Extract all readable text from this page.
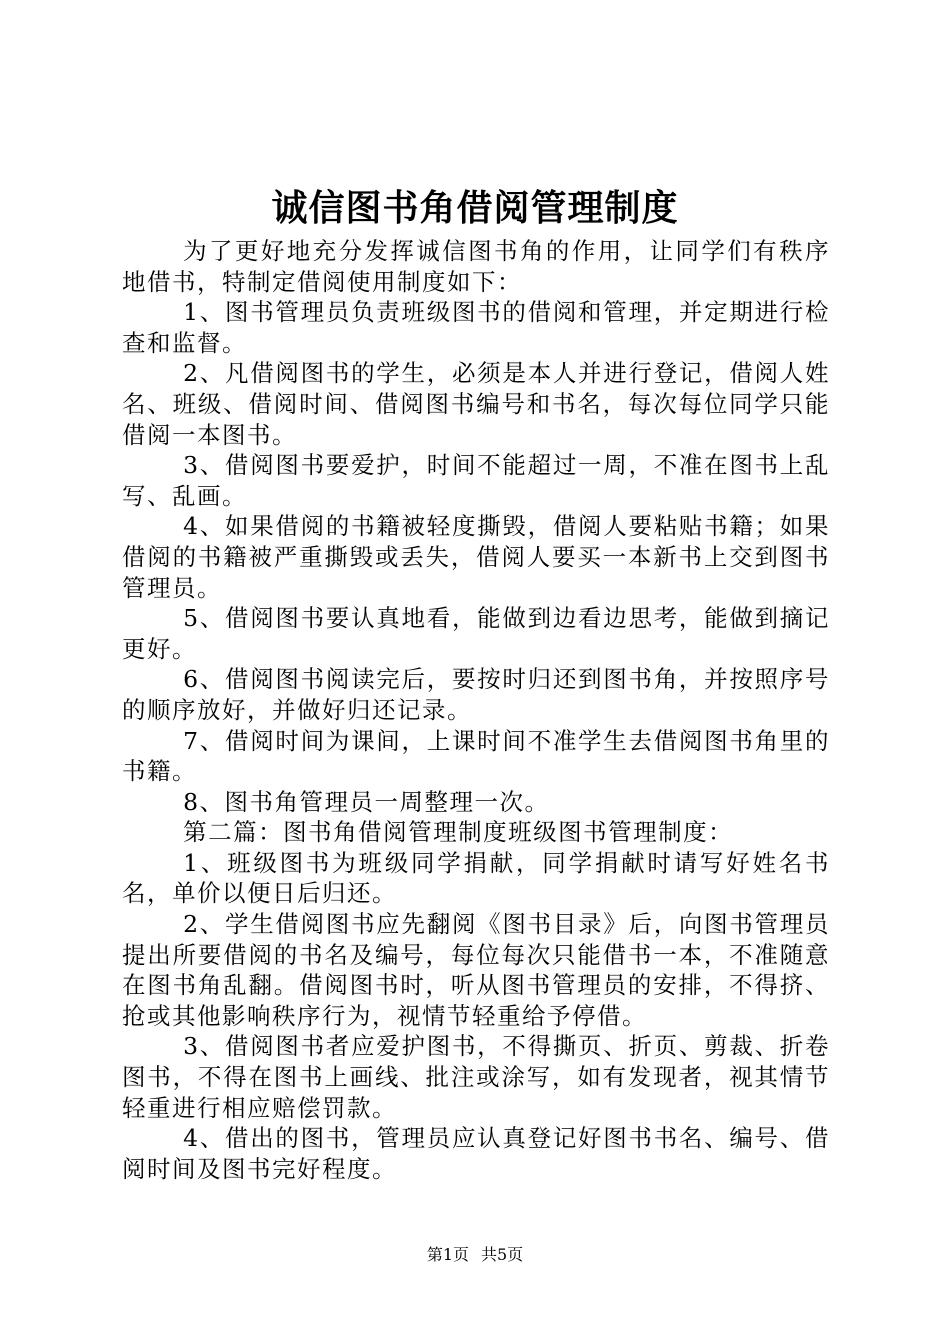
诚信图书角借阅管理制度

为了更好地充分发挥诚信图书角的作用，让同学们有秩序地借书，特制定借阅使用制度如下：

1、图书管理员负责班级图书的借阅和管理，并定期进行检查和监督。

2、凡借阅图书的学生，必须是本人并进行登记，借阅人姓名、班级、借阅时间、借阅图书编号和书名，每次每位同学只能借阅一本图书。

3、借阅图书要爱护，时间不能超过一周，不准在图书上乱写、乱画。

4、如果借阅的书籍被轻度撕毁，借阅人要粘贴书籍；如果借阅的书籍被严重撕毁或丢失，借阅人要买一本新书上交到图书管理员。

5、借阅图书要认真地看，能做到边看边思考，能做到摘记更好。

6、借阅图书阅读完后，要按时归还到图书角，并按照序号的顺序放好，并做好归还记录。

7、借阅时间为课间，上课时间不准学生去借阅图书角里的书籍。

8、图书角管理员一周整理一次。

第二篇：图书角借阅管理制度班级图书管理制度：

1、班级图书为班级同学捐献，同学捐献时请写好姓名书名，单价以便日后归还。

2、学生借阅图书应先翻阅《图书目录》后，向图书管理员提出所要借阅的书名及编号，每位每次只能借书一本，不准随意在图书角乱翻。借阅图书时，听从图书管理员的安排，不得挤、抢或其他影响秩序行为，视情节轻重给予停借。

3、借阅图书者应爱护图书，不得撕页、折页、剪裁、折卷图书，不得在图书上画线、批注或涂写，如有发现者，视其情节轻重进行相应赔偿罚款。

4、借出的图书，管理员应认真登记好图书书名、编号、借阅时间及图书完好程度。

第1页 共5页
